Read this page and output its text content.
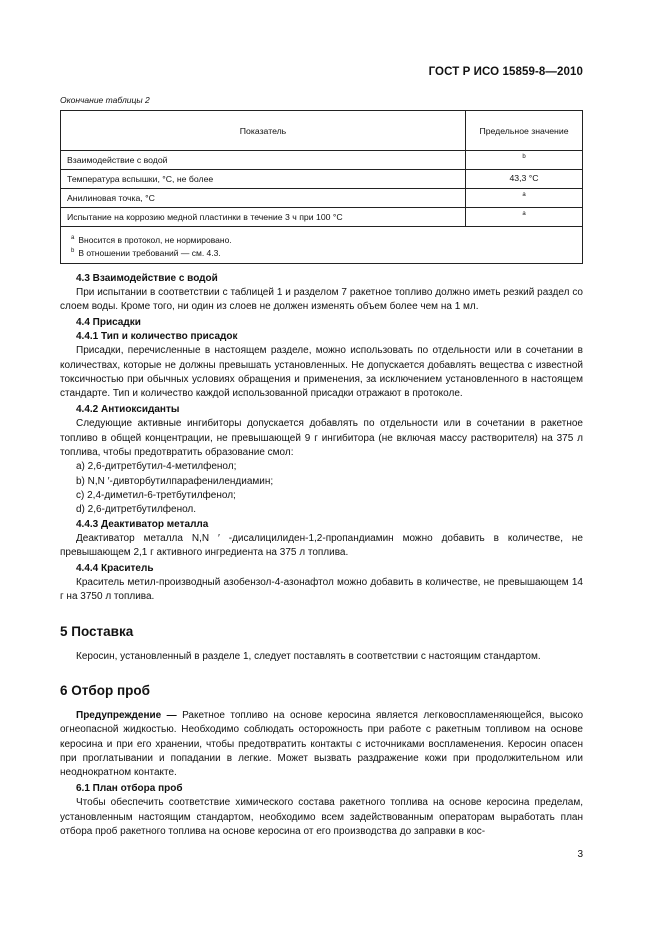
ГОСТ Р ИСО 15859-8—2010
Окончание таблицы 2
Показатель	Предельное значение
Взаимодействие с водой	$^b$
Температура вспышки, °С, не более	43,3 °С
Анилиновая точка, °С	$^a$
Испытание на коррозию медной пластинки в течение 3 ч при 100 °С	$^a$

$^a$ Вносится в протокол, не нормировано.
$^b$ В отношении требований — см. 4.3.	

4.3 Взаимодействие с водой

При испытании в соответствии с таблицей 1 и разделом 7 ракетное топливо должно иметь резкий раздел со слоем воды. Кроме того, ни один из слоев не должен изменять объем более чем на 1 мл.

4.4 Присадки

4.4.1 Тип и количество присадок

Присадки, перечисленные в настоящем разделе, можно использовать по отдельности или в сочетании в количествах, которые не должны превышать установленных. Не допускается добавлять вещества с известной токсичностью при обычных условиях обращения и применения, за исключением установленного в настоящем стандарте. Тип и количество каждой использованной присадки отражают в протоколе.

4.4.2 Антиоксиданты

Следующие активные ингибиторы допускается добавлять по отдельности или в сочетании в ракетное топливо в общей концентрации, не превышающей 9 г ингибитора (не включая массу растворителя) на 375 л топлива, чтобы предотвратить образование смол:

а) 2,6-дитретбутил-4-метилфенол;

b) N,N ′-дивторбутилпарафенилендиамин;

с) 2,4-диметил-6-третбутилфенол;

d) 2,6-дитретбутилфенол.

4.4.3 Деактиватор металла

Деактиватор металла N,N ′ -дисалицилиден-1,2-пропандиамин можно добавить в количестве, не превышающем 2,1 г активного ингредиента на 375 л топлива.

4.4.4 Краситель

Краситель метил-производный азобензол-4-азонафтол можно добавить в количестве, не превышающем 14 г на 3750 л топлива.

5 Поставка

Керосин, установленный в разделе 1, следует поставлять в соответствии с настоящим стандартом.

6 Отбор проб

Предупреждение — Ракетное топливо на основе керосина является легковоспламеняющейся, высоко огнеопасной жидкостью. Необходимо соблюдать осторожность при работе с ракетным топливом на основе керосина и при его хранении, чтобы предотвратить контакты с источниками воспламенения. Керосин опасен при проглатывании и попадании в легкие. Может вызвать раздражение кожи при продолжительном или неоднократном контакте.

6.1 План отбора проб

Чтобы обеспечить соответствие химического состава ракетного топлива на основе керосина пределам, установленным настоящим стандартом, необходимо всем задействованным операторам выработать план отбора проб ракетного топлива на основе керосина от его производства до заправки в кос-

3
